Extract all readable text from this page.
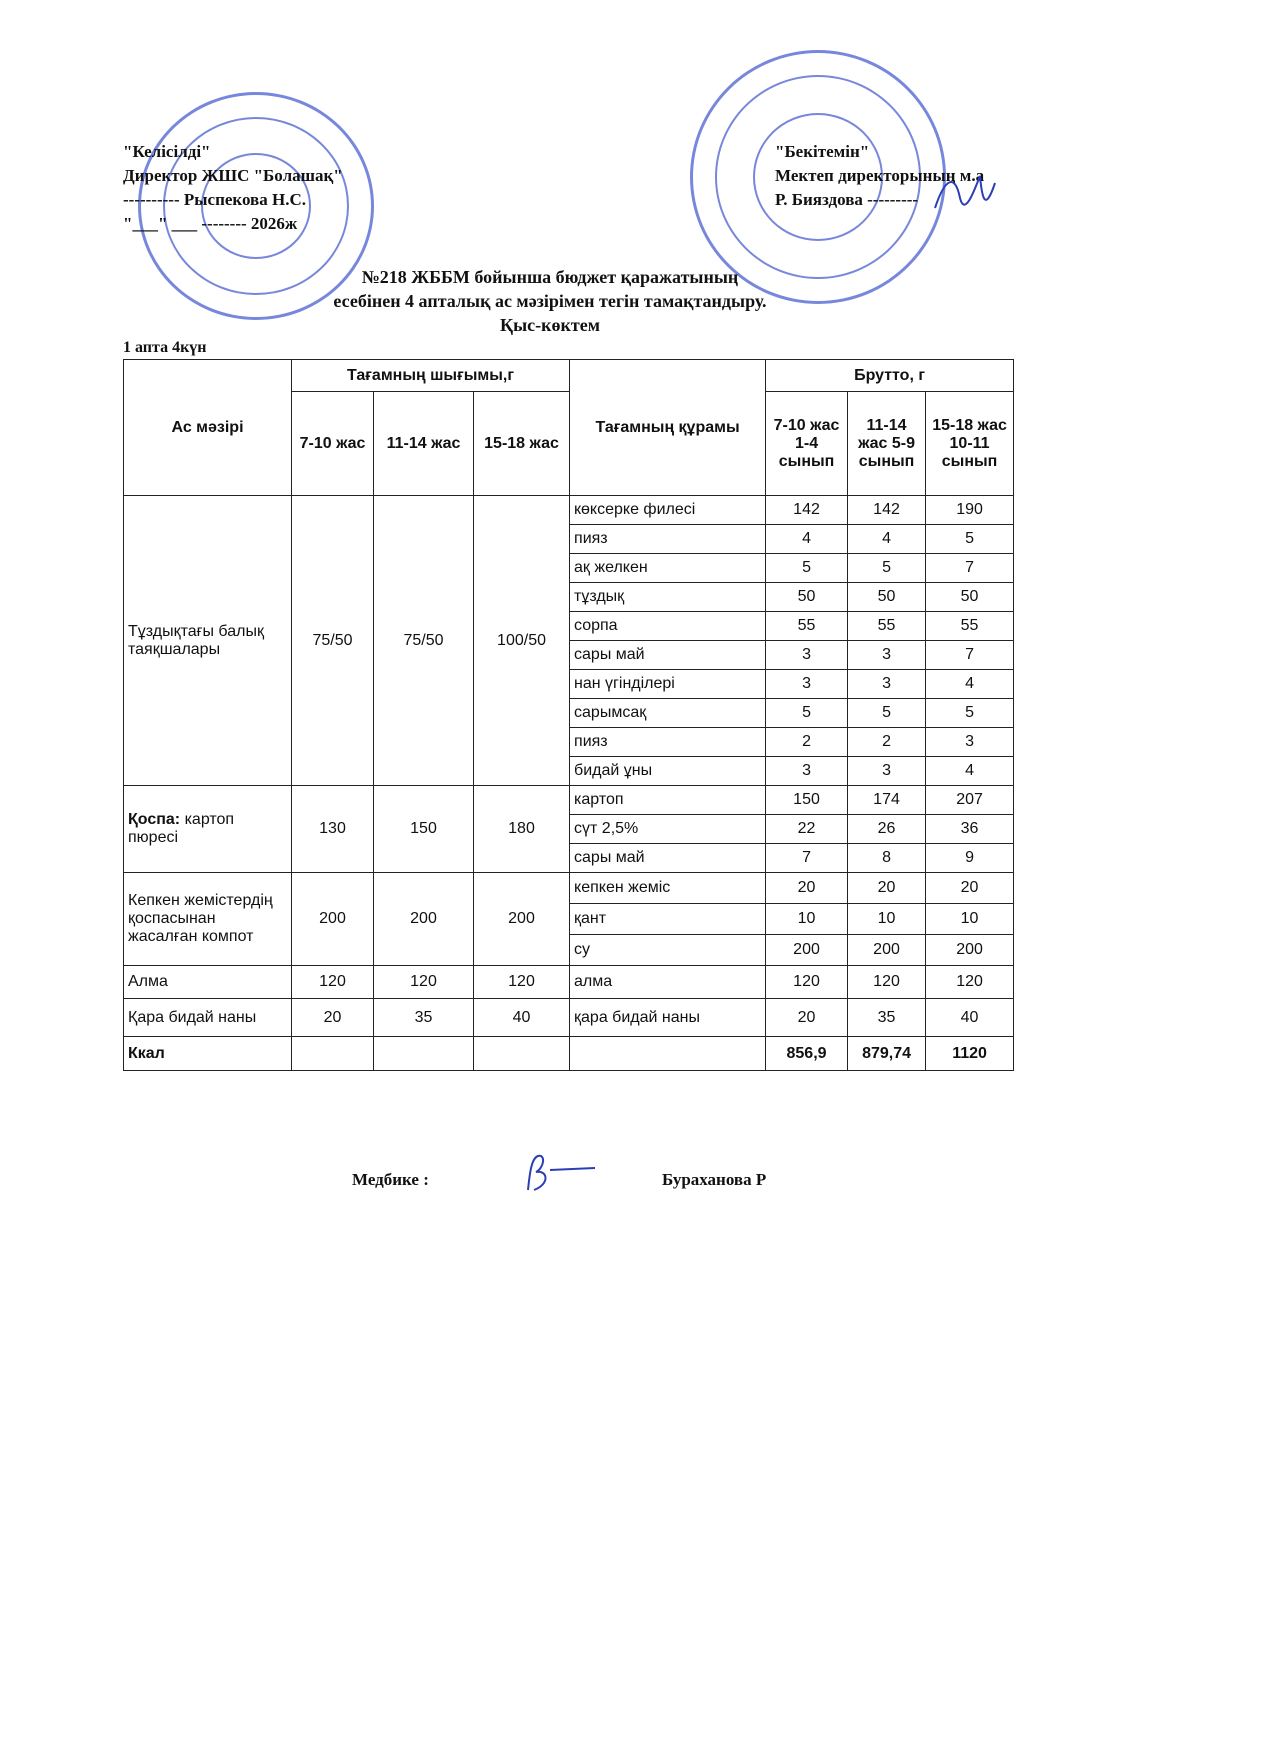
"Келісілді"
Директор ЖШС "Болашақ"
---------- Рыспекова Н.С.
"___" ___ -------- 2026ж
"Бекітемін"
Мектеп директорының м.а
Р. Бияздова ---------
№218 ЖББМ бойынша бюджет қаражатының
есебінен 4 апталық ас мәзірімен тегін тамақтандыру.
Қыс-көктем
1 апта 4күн
Ас мәзірі	Тағамның шығымы,г			Тағамның құрамы	Брутто, г		
	7-10 жас	11-14 жас	15-18 жас		7-10 жас 1-4 сынып	11-14 жас 5-9 сынып	15-18 жас 10-11 сынып
Тұздықтағы балық таяқшалары	75/50	75/50	100/50	көксерке филесі	142	142	190
				пияз	4	4	5
				ақ желкен	5	5	7
				тұздық	50	50	50
				сорпа	55	55	55
				сары май	3	3	7
				нан үгінділері	3	3	4
				сарымсақ	5	5	5
				пияз	2	2	3
				бидай ұны	3	3	4
Қоспа: картоп пюресі	130	150	180	картоп	150	174	207
				сүт 2,5%	22	26	36
				сары май	7	8	9
Кепкен жемістердің қоспасынан жасалған компот	200	200	200	кепкен жеміс	20	20	20
				қант	10	10	10
				су	200	200	200
Алма	120	120	120	алма	120	120	120
Қара бидай наны	20	35	40	қара бидай наны	20	35	40
Ккал					856,9	879,74	1120
Медбике :	Бураханова Р
